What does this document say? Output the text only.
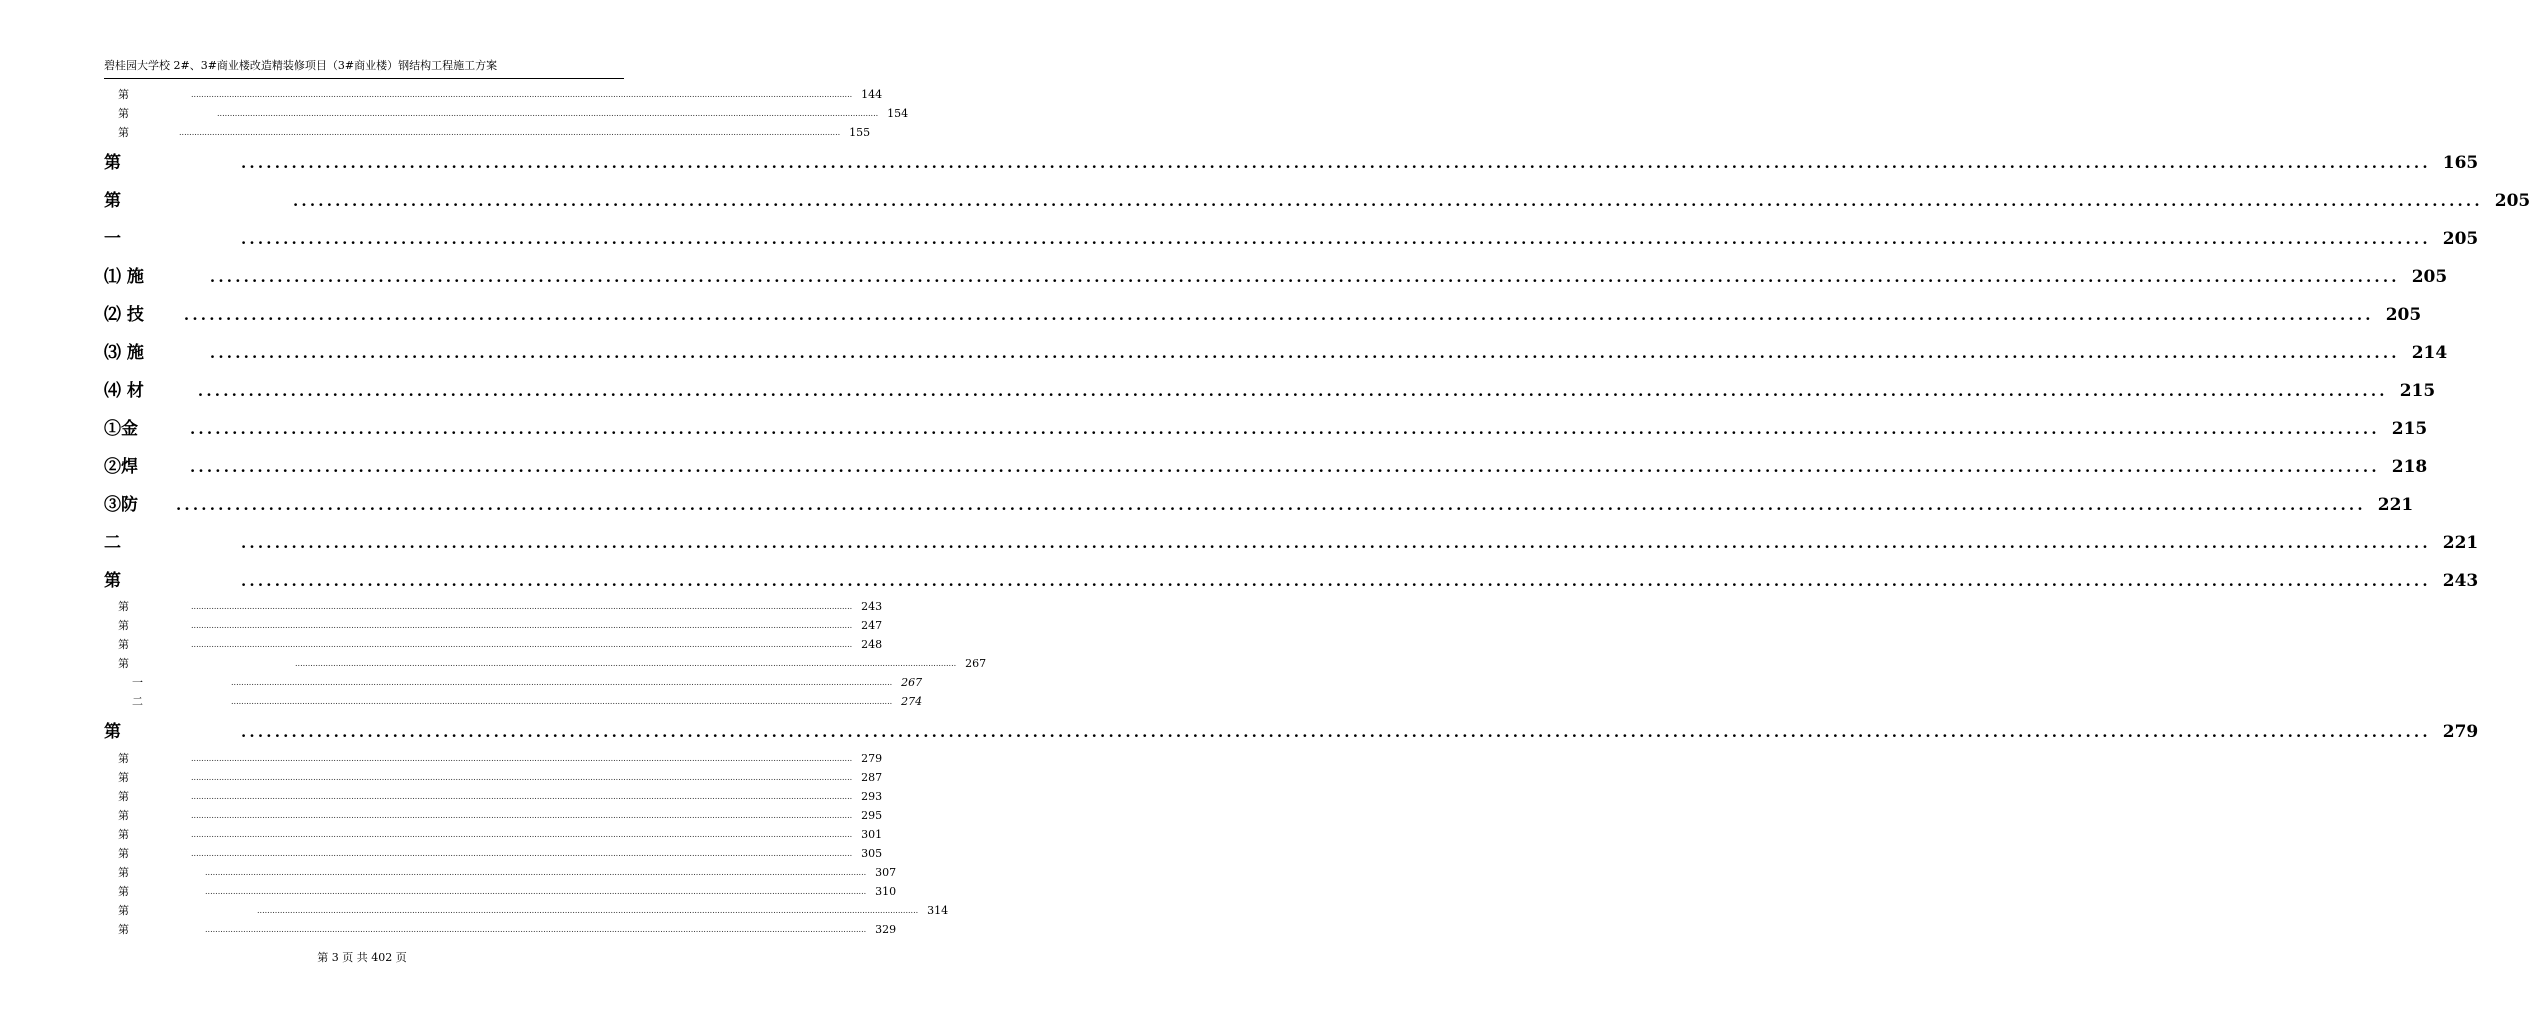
碧桂园大学校 2#、3#商业楼改造精装修项目（3#商业楼）钢结构工程施工方案
第	.................................................................................................................................................................................................................................................................... 144
第	.................................................................................................................................................................................................................................................................... 154
第	.................................................................................................................................................................................................................................................................... 155
第	.................................................................................................................................................................................................................................................................... 165
第	.................................................................................................................................................................................................................................................................... 205
一	.................................................................................................................................................................................................................................................................... 205
⑴ 施	.................................................................................................................................................................................................................................................................... 205
⑵ 技	.................................................................................................................................................................................................................................................................... 205
⑶ 施	.................................................................................................................................................................................................................................................................... 214
⑷ 材	.................................................................................................................................................................................................................................................................... 215
①金	.................................................................................................................................................................................................................................................................... 215
②焊	.................................................................................................................................................................................................................................................................... 218
③防	.................................................................................................................................................................................................................................................................... 221
二	.................................................................................................................................................................................................................................................................... 221
第	.................................................................................................................................................................................................................................................................... 243
第	.................................................................................................................................................................................................................................................................... 243
第	.................................................................................................................................................................................................................................................................... 247
第	.................................................................................................................................................................................................................................................................... 248
第	.................................................................................................................................................................................................................................................................... 267
一	.................................................................................................................................................................................................................................................................... 267
二	.................................................................................................................................................................................................................................................................... 274
第	.................................................................................................................................................................................................................................................................... 279
第	.................................................................................................................................................................................................................................................................... 279
第	.................................................................................................................................................................................................................................................................... 287
第	.................................................................................................................................................................................................................................................................... 293
第	.................................................................................................................................................................................................................................................................... 295
第	.................................................................................................................................................................................................................................................................... 301
第	.................................................................................................................................................................................................................................................................... 305
第	.................................................................................................................................................................................................................................................................... 307
第	.................................................................................................................................................................................................................................................................... 310
第	.................................................................................................................................................................................................................................................................... 314
第	.................................................................................................................................................................................................................................................................... 329
第 3 页 共 402 页
